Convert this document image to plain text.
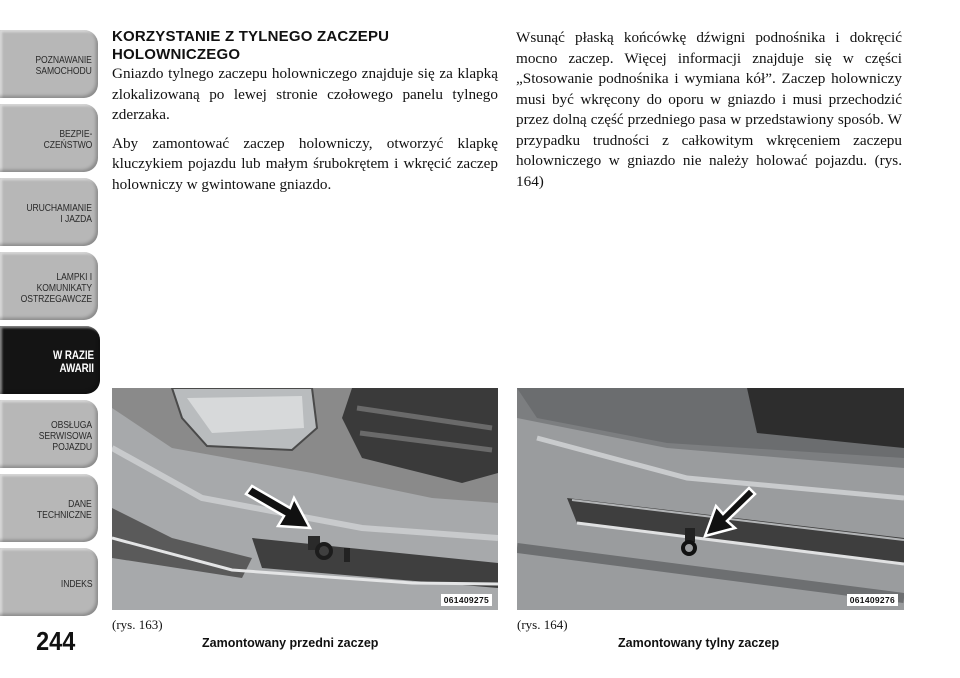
POZNAWANIE
SAMOCHODU
BEZPIE-
CZEŃSTWO
URUCHAMIANIE
I JAZDA
LAMPKI I
KOMUNIKATY
OSTRZEGAWCZE
W RAZIE
AWARII
OBSŁUGA
SERWISOWA
POJAZDU
DANE
TECHNICZNE
INDEKS
244
KORZYSTANIE Z TYLNEGO ZACZEPU HOLOWNICZEGO

Gniazdo tylnego zaczepu holowniczego znajduje się za klapką zlokalizowaną po lewej stronie czołowego panelu tylnego zderzaka.

Aby zamontować zaczep holowniczy, otworzyć klapkę kluczykiem pojazdu lub małym śrubokrętem i wkręcić zaczep holowniczy w gwintowane gniazdo.

Wsunąć płaską końcówkę dźwigni podnośnika i dokręcić mocno zaczep. Więcej informacji znajduje się w części „Stosowanie podnośnika i wymiana kół”. Zaczep holowniczy musi być wkręcony do oporu w gniazdo i musi przechodzić przez dolną część przedniego pasa w przedstawiony sposób. W przypadku trudności z całkowitym wkręceniem zaczepu holowniczego w gniazdo nie należy holować pojazdu. (rys. 164)

061409275
(rys. 163)
Zamontowany przedni zaczep
061409276
(rys. 164)
Zamontowany tylny zaczep
